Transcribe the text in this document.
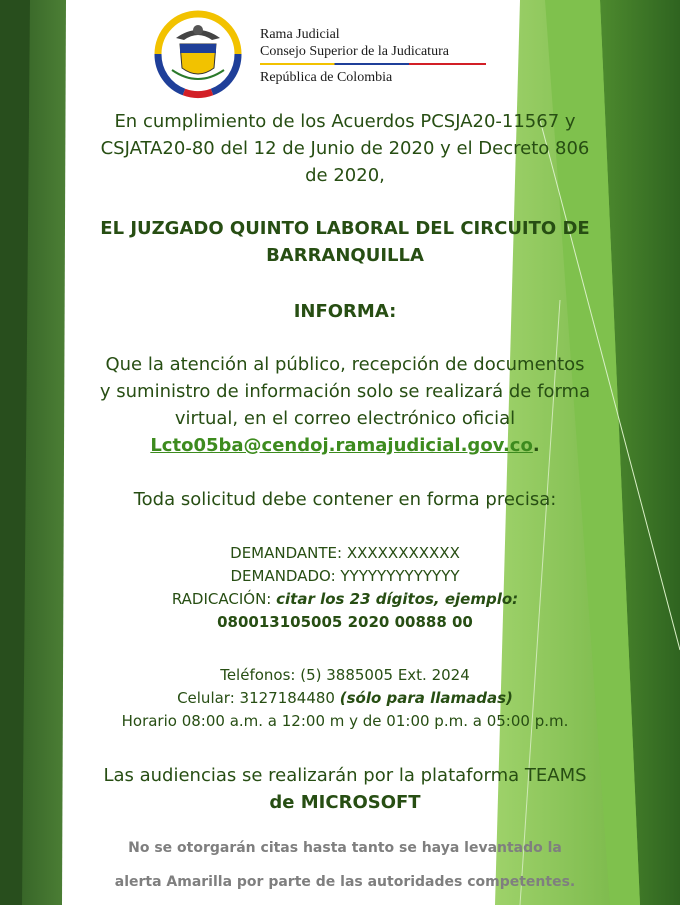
Rama Judicial
Consejo Superior de la Judicatura
República de Colombia

En cumplimiento de los Acuerdos PCSJA20-11567 y

CSJATA20-80 del 12 de Junio de 2020 y el Decreto 806

de 2020,

EL JUZGADO QUINTO LABORAL DEL CIRCUITO DE

BARRANQUILLA

INFORMA:

Que la atención al público, recepción de documentos

y suministro de información solo se realizará de forma

virtual, en el correo electrónico oficial

Lcto05ba@cendoj.ramajudicial.gov.co.

Toda solicitud debe contener en forma precisa:

DEMANDANTE: XXXXXXXXXXX

DEMANDADO: YYYYYYYYYYYYY

RADICACIÓN: citar los 23 dígitos, ejemplo:

080013105005 2020 00888 00

Teléfonos: (5) 3885005 Ext. 2024

Celular: 3127184480 (sólo para llamadas)

Horario 08:00 a.m. a 12:00 m y de 01:00 p.m. a 05:00 p.m.

Las audiencias se realizarán por la plataforma TEAMS

de MICROSOFT

No se otorgarán citas hasta tanto se haya levantado la

alerta Amarilla por parte de las autoridades competentes.
